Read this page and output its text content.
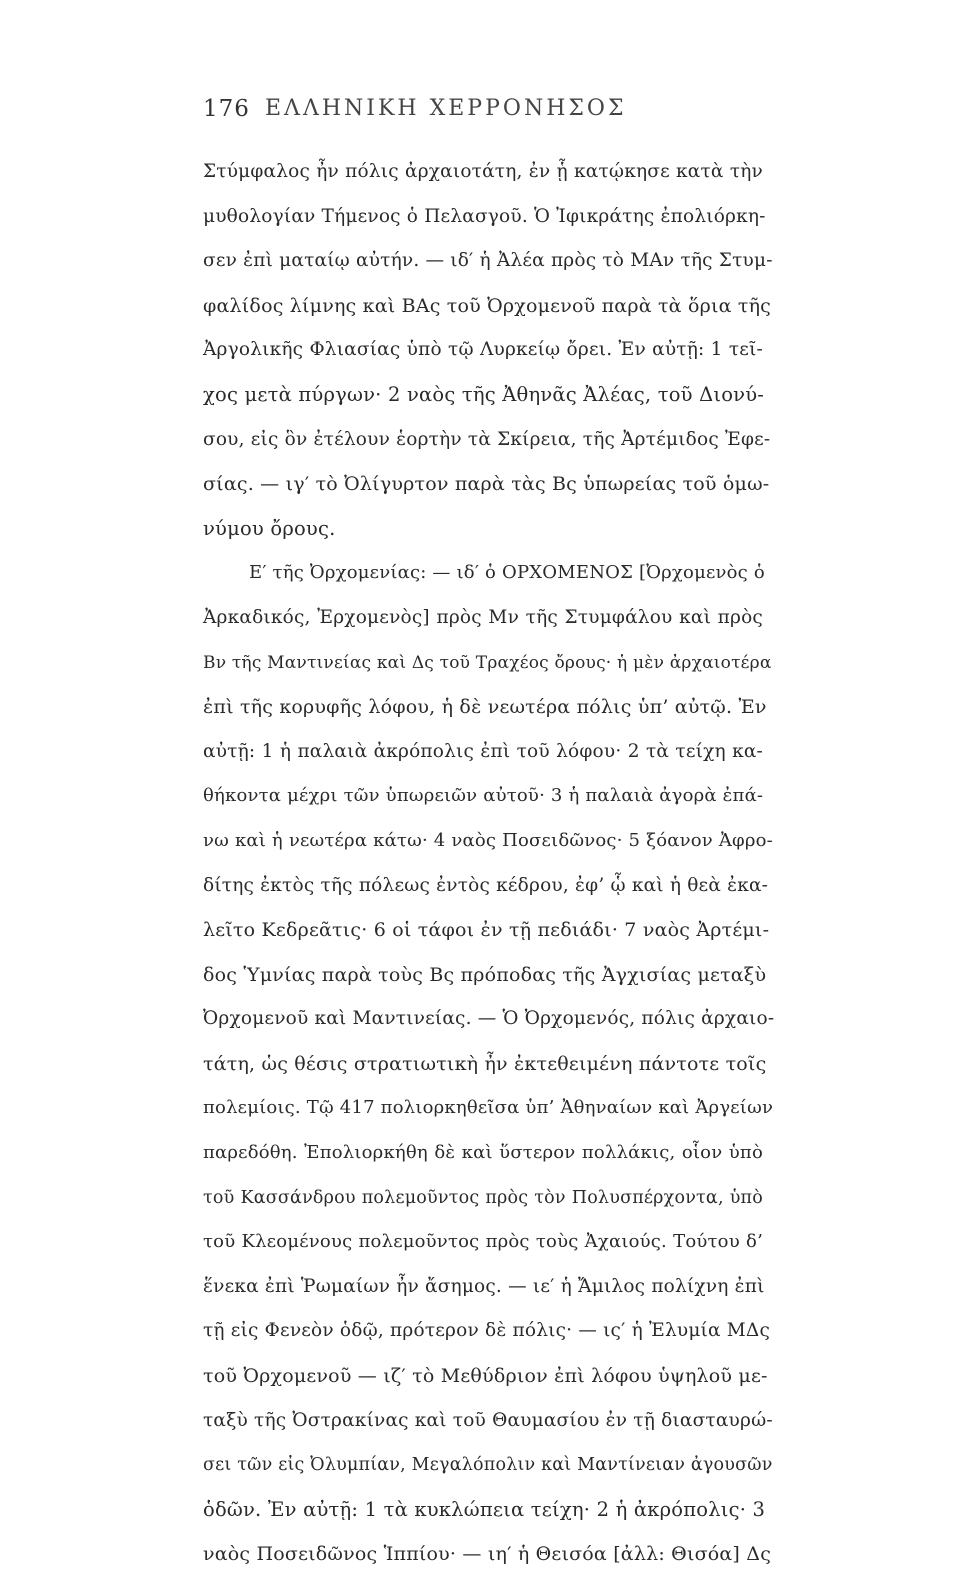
176 ΕΛΛΗΝΙΚΗ ΧΕΡΡΟΝΗΣΟΣ
Στύμφαλος ἦν πόλις ἀρχαιοτάτη, ἐν ᾗ κατῴκησε κατὰ τὴν
μυθολογίαν Τήμενος ὁ Πελασγοῦ. Ὁ Ἰφικράτης ἐπολιόρκη-
σεν ἐπὶ ματαίῳ αὐτήν. — ιδ′ ἡ Ἀλέα πρὸς τὸ ΜΑν τῆς Στυμ-
φαλίδος λίμνης καὶ ΒΑς τοῦ Ὀρχομενοῦ παρὰ τὰ ὅρια τῆς
Ἀργολικῆς Φλιασίας ὑπὸ τῷ Λυρκείῳ ὄρει. Ἐν αὐτῇ: 1 τεῖ-
χος μετὰ πύργων· 2 ναὸς τῆς Ἀθηνᾶς Ἀλέας, τοῦ Διονύ-
σου, εἰς ὃν ἐτέλουν ἑορτὴν τὰ Σκίρεια, τῆς Ἀρτέμιδος Ἐφε-
σίας. — ιγ′ τὸ Ὀλίγυρτον παρὰ τὰς Βς ὑπωρείας τοῦ ὁμω-
νύμου ὄρους.
Ε′ τῆς Ὀρχομενίας: — ιδ′ ὁ ΟΡΧΟΜΕΝΟΣ [Ὀρχομενὸς ὁ
Ἀρκαδικός, Ἐρχομενὸς] πρὸς Μν τῆς Στυμφάλου καὶ πρὸς
Βν τῆς Μαντινείας καὶ Δς τοῦ Τραχέος ὄρους· ἡ μὲν ἀρχαιοτέρα
ἐπὶ τῆς κορυφῆς λόφου, ἡ δὲ νεωτέρα πόλις ὑπ’ αὐτῷ. Ἐν
αὐτῇ: 1 ἡ παλαιὰ ἀκρόπολις ἐπὶ τοῦ λόφου· 2 τὰ τείχη κα-
θήκοντα μέχρι τῶν ὑπωρειῶν αὐτοῦ· 3 ἡ παλαιὰ ἀγορὰ ἐπά-
νω καὶ ἡ νεωτέρα κάτω· 4 ναὸς Ποσειδῶνος· 5 ξόανον Ἀφρο-
δίτης ἐκτὸς τῆς πόλεως ἐντὸς κέδρου, ἐφ’ ᾧ καὶ ἡ θεὰ ἐκα-
λεῖτο Κεδρεᾶτις· 6 οἱ τάφοι ἐν τῇ πεδιάδι· 7 ναὸς Ἀρτέμι-
δος Ὑμνίας παρὰ τοὺς Βς πρόποδας τῆς Ἀγχισίας μεταξὺ
Ὀρχομενοῦ καὶ Μαντινείας. — Ὁ Ὀρχομενός, πόλις ἀρχαιο-
τάτη, ὡς θέσις στρατιωτικὴ ἦν ἐκτεθειμένη πάντοτε τοῖς
πολεμίοις. Τῷ 417 πολιορκηθεῖσα ὑπ’ Ἀθηναίων καὶ Ἀργείων
παρεδόθη. Ἐπολιορκήθη δὲ καὶ ὕστερον πολλάκις, οἷον ὑπὸ
τοῦ Κασσάνδρου πολεμοῦντος πρὸς τὸν Πολυσπέρχοντα, ὑπὸ
τοῦ Κλεομένους πολεμοῦντος πρὸς τοὺς Ἀχαιούς. Τούτου δ’
ἕνεκα ἐπὶ Ῥωμαίων ἦν ἄσημος. — ιε′ ἡ Ἄμιλος πολίχνη ἐπὶ
τῇ εἰς Φενεὸν ὁδῷ, πρότερον δὲ πόλις· — ις′ ἡ Ἐλυμία ΜΔς
τοῦ Ὀρχομενοῦ — ιζ′ τὸ Μεθύδριον ἐπὶ λόφου ὑψηλοῦ με-
ταξὺ τῆς Ὀστρακίνας καὶ τοῦ Θαυμασίου ἐν τῇ διασταυρώ-
σει τῶν εἰς Ὀλυμπίαν, Μεγαλόπολιν καὶ Μαντίνειαν ἀγουσῶν
ὁδῶν. Ἐν αὐτῇ: 1 τὰ κυκλώπεια τείχη· 2 ἡ ἀκρόπολις· 3
ναὸς Ποσειδῶνος Ἱππίου· — ιη′ ἡ Θεισόα [ἀλλ: Θισόα] Δς
